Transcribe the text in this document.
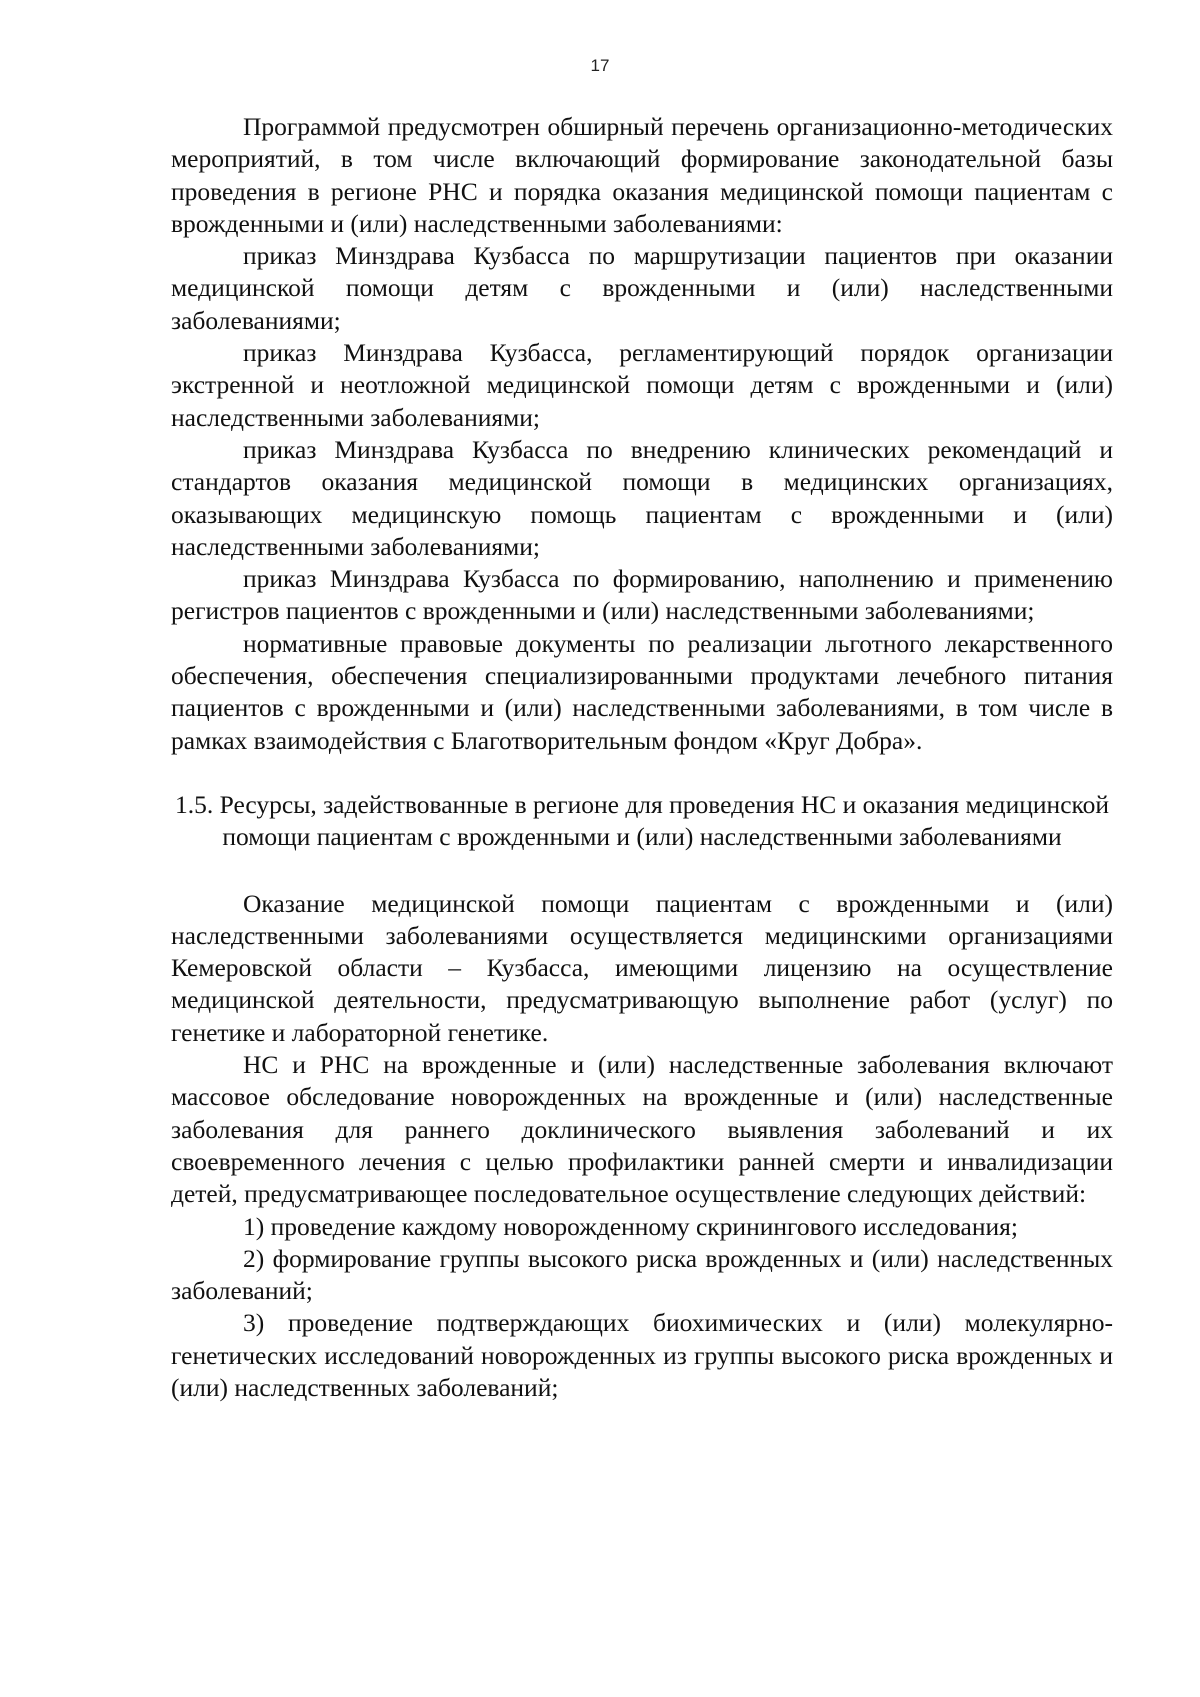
17

Программой предусмотрен обширный перечень организационно-методических мероприятий, в том числе включающий формирование законодательной базы проведения в регионе РНС и порядка оказания медицинской помощи пациентам с врожденными и (или) наследственными заболеваниями:

приказ Минздрава Кузбасса по маршрутизации пациентов при оказании медицинской помощи детям с врожденными и (или) наследственными заболеваниями;

приказ Минздрава Кузбасса, регламентирующий порядок организации экстренной и неотложной медицинской помощи детям с врожденными и (или) наследственными заболеваниями;

приказ Минздрава Кузбасса по внедрению клинических рекомендаций и стандартов оказания медицинской помощи в медицинских организациях, оказывающих медицинскую помощь пациентам с врожденными и (или) наследственными заболеваниями;

приказ Минздрава Кузбасса по формированию, наполнению и применению регистров пациентов с врожденными и (или) наследственными заболеваниями;

нормативные правовые документы по реализации льготного лекарственного обеспечения, обеспечения специализированными продуктами лечебного питания пациентов с врожденными и (или) наследственными заболеваниями, в том числе в рамках взаимодействия с Благотворительным фондом «Круг Добра».

1.5. Ресурсы, задействованные в регионе для проведения НС и оказания медицинской помощи пациентам с врожденными и (или) наследственными заболеваниями

Оказание медицинской помощи пациентам с врожденными и (или) наследственными заболеваниями осуществляется медицинскими организациями Кемеровской области – Кузбасса, имеющими лицензию на осуществление медицинской деятельности, предусматривающую выполнение работ (услуг) по генетике и лабораторной генетике.

НС и РНС на врожденные и (или) наследственные заболевания включают массовое обследование новорожденных на врожденные и (или) наследственные заболевания для раннего доклинического выявления заболеваний и их своевременного лечения с целью профилактики ранней смерти и инвалидизации детей, предусматривающее последовательное осуществление следующих действий:

1) проведение каждому новорожденному скринингового исследования;

2) формирование группы высокого риска врожденных и (или) наследственных заболеваний;

3) проведение подтверждающих биохимических и (или) молекулярно-генетических исследований новорожденных из группы высокого риска врожденных и (или) наследственных заболеваний;
